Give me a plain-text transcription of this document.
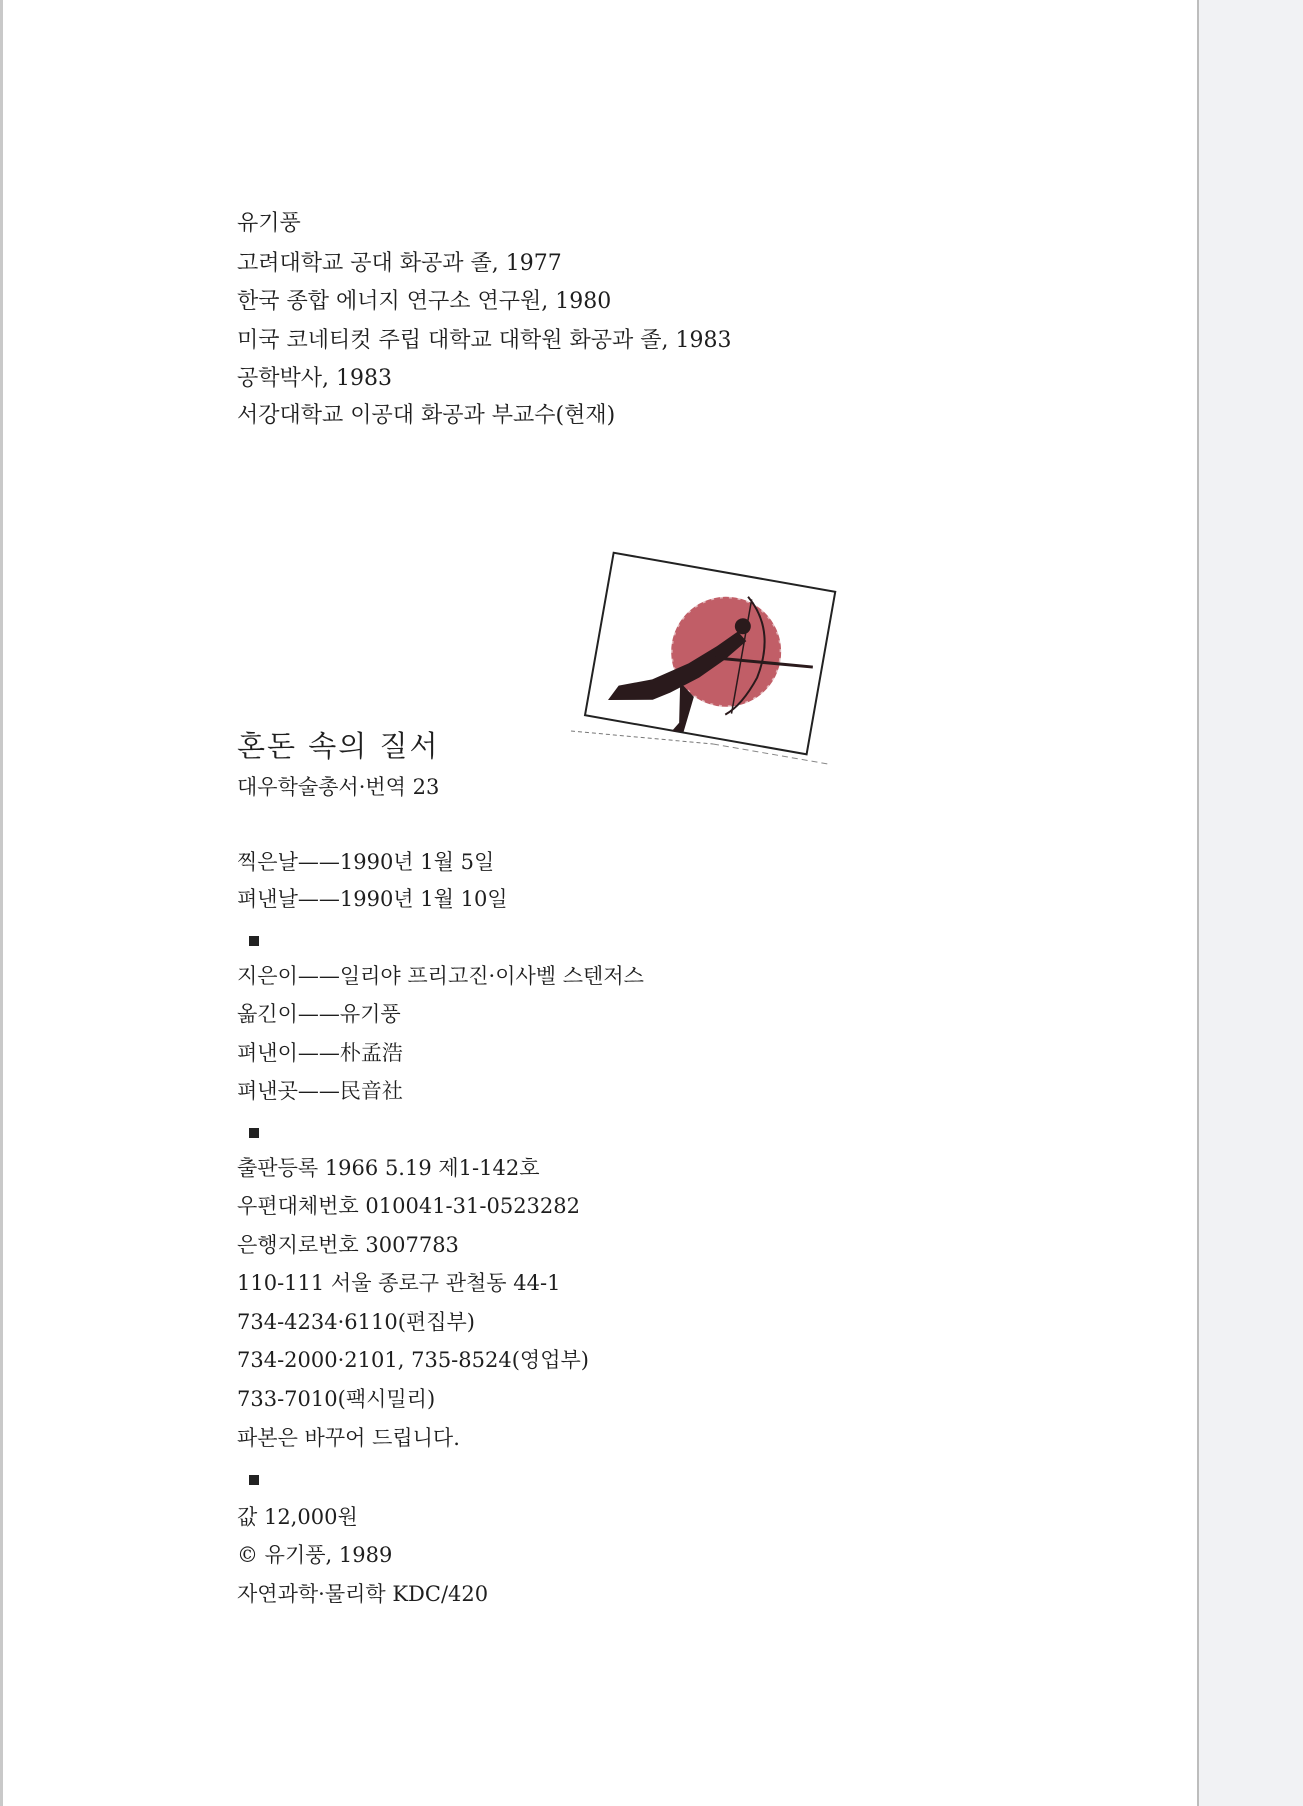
유기풍

고려대학교 공대 화공과 졸, 1977

한국 종합 에너지 연구소 연구원, 1980

미국 코네티컷 주립 대학교 대학원 화공과 졸, 1983

공학박사, 1983

서강대학교 이공대 화공과 부교수(현재)

혼돈 속의 질서

대우학술총서·번역 23

찍은날——1990년 1월 5일

펴낸날——1990년 1월 10일

지은이——일리야 프리고진·이사벨 스텐저스

옮긴이——유기풍

펴낸이——朴孟浩

펴낸곳——民音社

출판등록 1966 5.19 제1-142호

우편대체번호 010041-31-0523282

은행지로번호 3007783

110-111 서울 종로구 관철동 44-1

734-4234·6110(편집부)

734-2000·2101, 735-8524(영업부)

733-7010(팩시밀리)

파본은 바꾸어 드립니다.

값 12,000원

© 유기풍, 1989

자연과학·물리학 KDC/420
